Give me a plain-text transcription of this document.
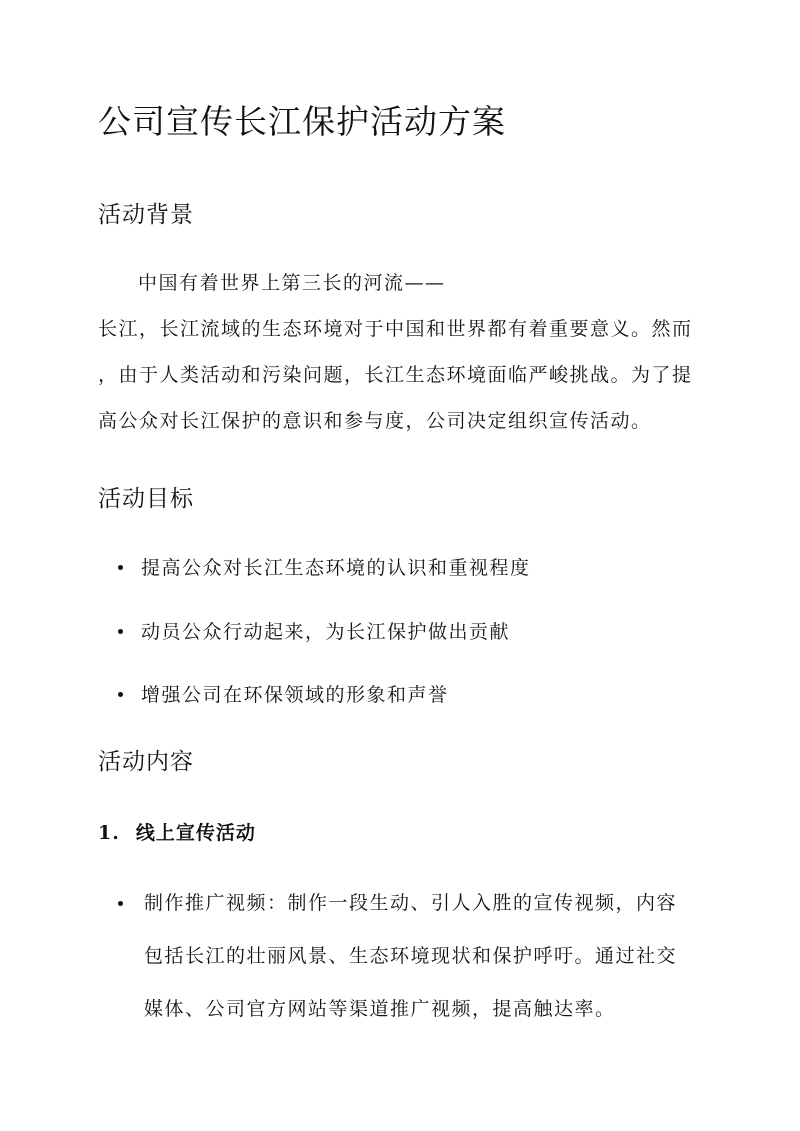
公司宣传长江保护活动方案
活动背景
中国有着世界上第三长的河流——
长江，长江流域的生态环境对于中国和世界都有着重要意义。然而
，由于人类活动和污染问题，长江生态环境面临严峻挑战。为了提
高公众对长江保护的意识和参与度，公司决定组织宣传活动。
活动目标
提高公众对长江生态环境的认识和重视程度
动员公众行动起来，为长江保护做出贡献
增强公司在环保领域的形象和声誉
活动内容
1. 线上宣传活动
制作推广视频：制作一段生动、引人入胜的宣传视频，内容
包括长江的壮丽风景、生态环境现状和保护呼吁。通过社交
媒体、公司官方网站等渠道推广视频，提高触达率。
